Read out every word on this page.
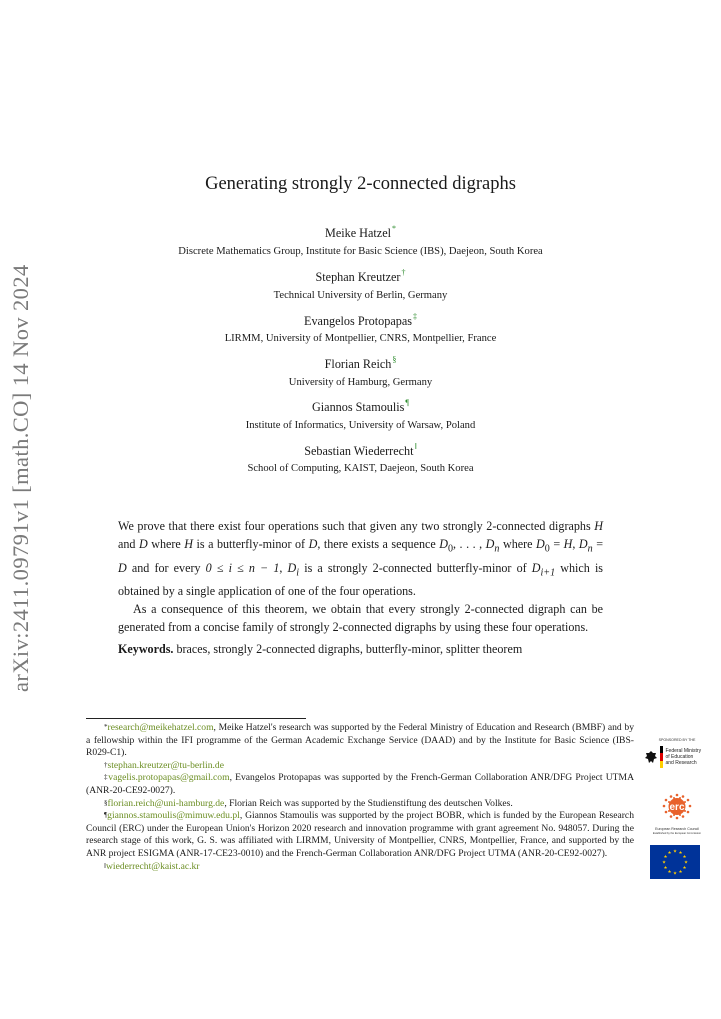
arXiv:2411.09791v1 [math.CO] 14 Nov 2024
Generating strongly 2-connected digraphs
Meike Hatzel*
Discrete Mathematics Group, Institute for Basic Science (IBS), Daejeon, South Korea
Stephan Kreutzer†
Technical University of Berlin, Germany
Evangelos Protopapas‡
LIRMM, University of Montpellier, CNRS, Montpellier, France
Florian Reich§
University of Hamburg, Germany
Giannos Stamoulis¶
Institute of Informatics, University of Warsaw, Poland
Sebastian Wiederrecht‖
School of Computing, KAIST, Daejeon, South Korea

We prove that there exist four operations such that given any two strongly 2-connected digraphs H and D where H is a butterfly-minor of D, there exists a sequence $D_0$, . . . , $D_n$ where $D_0 = H$, $D_n = D$ and for every 0 ≤ i ≤ n − 1, $D_i$ is a strongly 2-connected butterfly-minor of $D_{i+1}$ which is obtained by a single application of one of the four operations.

As a consequence of this theorem, we obtain that every strongly 2-connected digraph can be generated from a concise family of strongly 2-connected digraphs by using these four operations.

Keywords. braces, strongly 2-connected digraphs, butterfly-minor, splitter theorem

*research@meikehatzel.com, Meike Hatzel's research was supported by the Federal Ministry of Education and Research (BMBF) and by a fellowship within the IFI programme of the German Academic Exchange Service (DAAD) and by the Institute for Basic Science (IBS-R029-C1).

†stephan.kreutzer@tu-berlin.de

‡vagelis.protopapas@gmail.com, Evangelos Protopapas was supported by the French-German Collaboration ANR/DFG Project UTMA (ANR-20-CE92-0027).

§florian.reich@uni-hamburg.de, Florian Reich was supported by the Studienstiftung des deutschen Volkes.

¶giannos.stamoulis@mimuw.edu.pl, Giannos Stamoulis was supported by the project BOBR, which is funded by the European Research Council (ERC) under the European Union's Horizon 2020 research and innovation programme with grant agreement No. 948057. During the research stage of this work, G. S. was affiliated with LIRMM, University of Montpellier, CNRS, Montpellier, France, and supported by the ANR project ESIGMA (ANR-17-CE23-0010) and the French-German Collaboration ANR/DFG Project UTMA (ANR-20-CE92-0027).

‖wiederrecht@kaist.ac.kr

SPONSORED BY THE
Federal Ministry
of Education
and Research
erc
European Research Council
Established by the European Commission
★ ★
★
★
★
★
★
★
★
★
★
★
